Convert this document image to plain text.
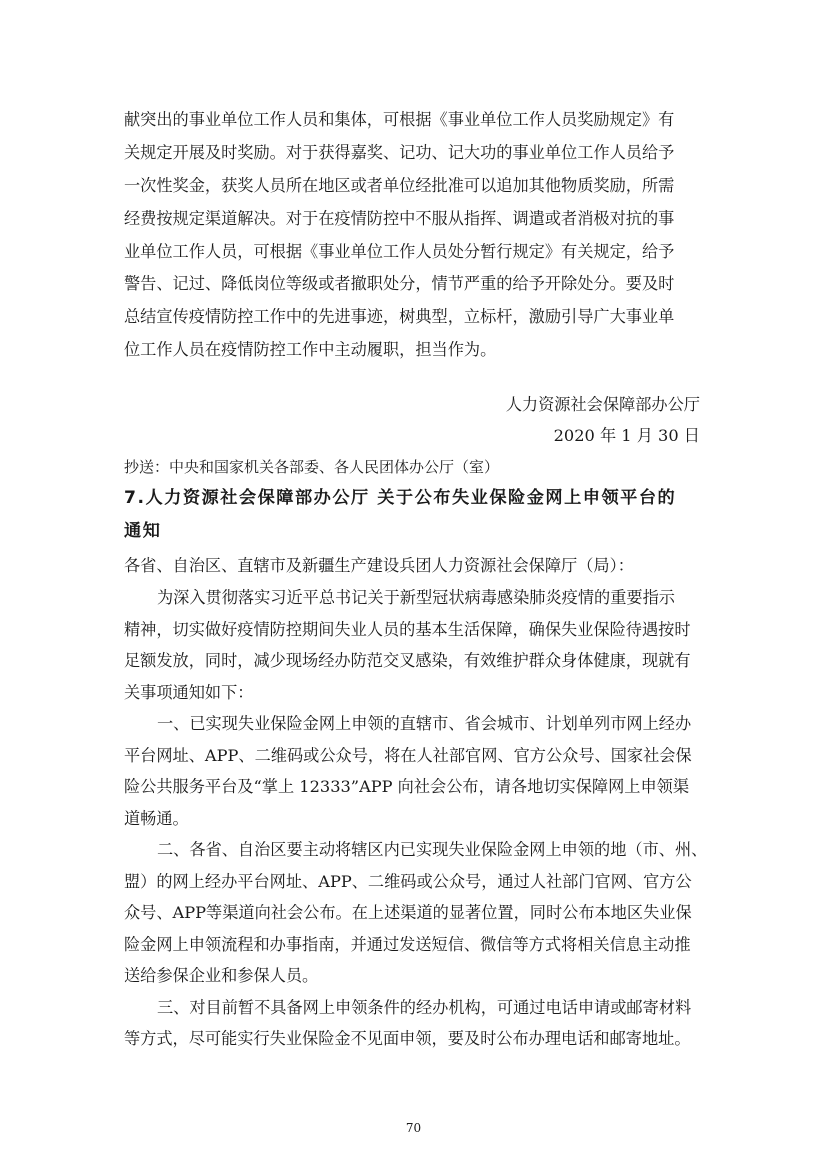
献突出的事业单位工作人员和集体，可根据《事业单位工作人员奖励规定》有
关规定开展及时奖励。对于获得嘉奖、记功、记大功的事业单位工作人员给予
一次性奖金，获奖人员所在地区或者单位经批准可以追加其他物质奖励，所需
经费按规定渠道解决。对于在疫情防控中不服从指挥、调遣或者消极对抗的事
业单位工作人员，可根据《事业单位工作人员处分暂行规定》有关规定，给予
警告、记过、降低岗位等级或者撤职处分，情节严重的给予开除处分。要及时
总结宣传疫情防控工作中的先进事迹，树典型，立标杆，激励引导广大事业单
位工作人员在疫情防控工作中主动履职，担当作为。
人力资源社会保障部办公厅
2020 年 1 月 30 日
抄送：中央和国家机关各部委、各人民团体办公厅（室）
7.人力资源社会保障部办公厅 关于公布失业保险金网上申领平台的
通知
各省、自治区、直辖市及新疆生产建设兵团人力资源社会保障厅（局）：
为深入贯彻落实习近平总书记关于新型冠状病毒感染肺炎疫情的重要指示
精神，切实做好疫情防控期间失业人员的基本生活保障，确保失业保险待遇按时
足额发放，同时，减少现场经办防范交叉感染，有效维护群众身体健康，现就有
关事项通知如下：
一、已实现失业保险金网上申领的直辖市、省会城市、计划单列市网上经办
平台网址、APP、二维码或公众号，将在人社部官网、官方公众号、国家社会保
险公共服务平台及“掌上 12333”APP 向社会公布，请各地切实保障网上申领渠
道畅通。
二、各省、自治区要主动将辖区内已实现失业保险金网上申领的地（市、州、
盟）的网上经办平台网址、APP、二维码或公众号，通过人社部门官网、官方公
众号、APP等渠道向社会公布。在上述渠道的显著位置，同时公布本地区失业保
险金网上申领流程和办事指南，并通过发送短信、微信等方式将相关信息主动推
送给参保企业和参保人员。
三、对目前暂不具备网上申领条件的经办机构，可通过电话申请或邮寄材料
等方式，尽可能实行失业保险金不见面申领，要及时公布办理电话和邮寄地址。
70
